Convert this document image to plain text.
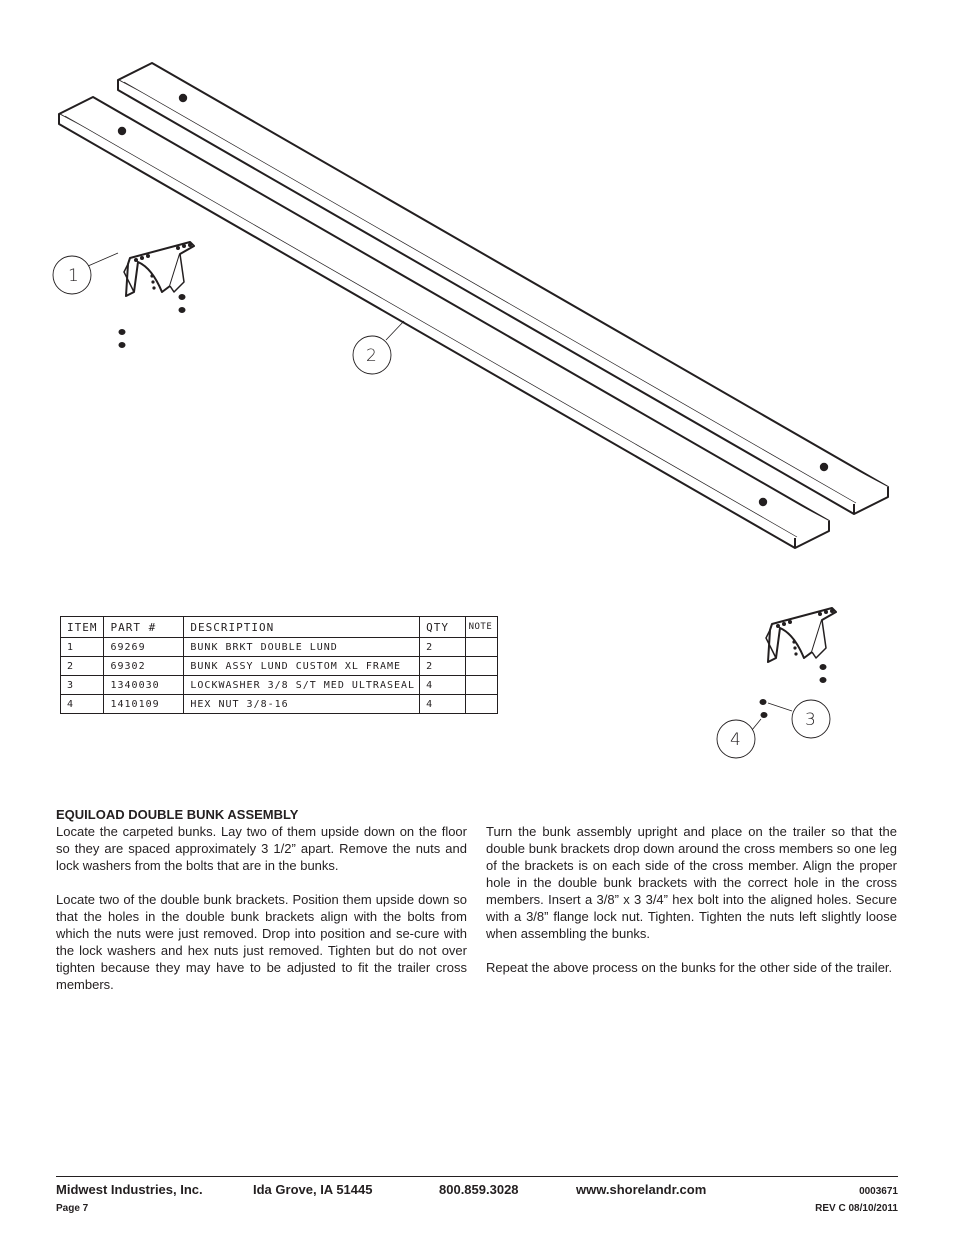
1
2
3
4
ITEM	PART #	DESCRIPTION	QTY	NOTE
1	69269	BUNK BRKT DOUBLE LUND	2	
2	69302	BUNK ASSY LUND CUSTOM XL FRAME	2	
3	1340030	LOCKWASHER 3/8 S/T MED ULTRASEAL	4	
4	1410109	HEX NUT 3/8-16	4	
EQUILOAD DOUBLE BUNK ASSEMBLY

Locate the carpeted bunks. Lay two of them upside down on the floor so they are spaced approximately 3 1/2” apart. Remove the nuts and lock washers from the bolts that are in the bunks.

Locate two of the double bunk brackets. Position them upside down so that the holes in the double bunk brackets align with the bolts from which the nuts were just removed. Drop into position and se-cure with the lock washers and hex nuts just removed. Tighten but do not over tighten because they may have to be adjusted to fit the trailer cross members.

Turn the bunk assembly upright and place on the trailer so that the double bunk brackets drop down around the cross members so one leg of the brackets is on each side of the cross member. Align the proper hole in the double bunk brackets with the correct hole in the cross members. Insert a 3/8” x 3 3/4” hex bolt into the aligned holes. Secure with a 3/8” flange lock nut. Tighten. Tighten the nuts left slightly loose when assembling the bunks.

Repeat the above process on the bunks for the other side of the trailer.

Midwest Industries, Inc.	Ida Grove, IA 51445	800.859.3028	www.shorelandr.com	0003671
Page 7	REV C 08/10/2011
